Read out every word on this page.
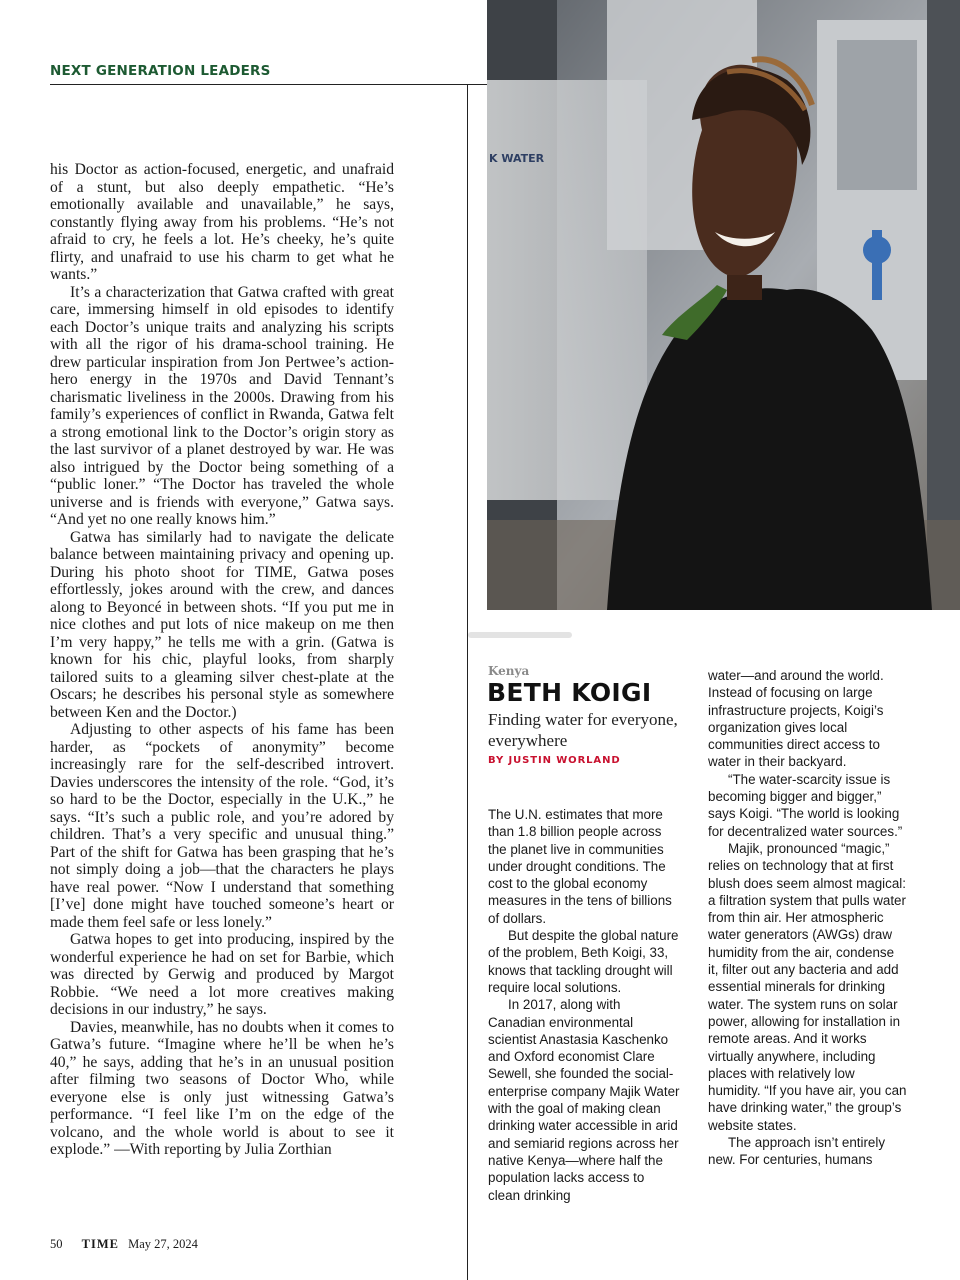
NEXT GENERATION LEADERS

his Doctor as action-focused, energetic, and unafraid of a stunt, but also deeply empathetic. “He’s emotionally available and unavailable,” he says, constantly flying away from his problems. “He’s not afraid to cry, he feels a lot. He’s cheeky, he’s quite flirty, and unafraid to use his charm to get what he wants.”

It’s a characterization that Gatwa crafted with great care, immersing himself in old episodes to identify each Doctor’s unique traits and analyzing his scripts with all the rigor of his drama-school training. He drew particular inspiration from Jon Pertwee’s action-hero energy in the 1970s and David Tennant’s charismatic liveliness in the 2000s. Drawing from his family’s experiences of conflict in Rwanda, Gatwa felt a strong emotional link to the Doctor’s origin story as the last survivor of a planet destroyed by war. He was also intrigued by the Doctor being something of a “public loner.” “The Doctor has traveled the whole universe and is friends with everyone,” Gatwa says. “And yet no one really knows him.”

Gatwa has similarly had to navigate the delicate balance between maintaining privacy and opening up. During his photo shoot for TIME, Gatwa poses effortlessly, jokes around with the crew, and dances along to Beyoncé in between shots. “If you put me in nice clothes and put lots of nice makeup on me then I’m very happy,” he tells me with a grin. (Gatwa is known for his chic, playful looks, from sharply tailored suits to a gleaming silver chest-plate at the Oscars; he describes his personal style as somewhere between Ken and the Doctor.)

Adjusting to other aspects of his fame has been harder, as “pockets of anonymity” become increasingly rare for the self-described introvert. Davies underscores the intensity of the role. “God, it’s so hard to be the Doctor, especially in the U.K.,” he says. “It’s such a public role, and you’re adored by children. That’s a very specific and unusual thing.” Part of the shift for Gatwa has been grasping that he’s not simply doing a job—that the characters he plays have real power. “Now I understand that something [I’ve] done might have touched someone’s heart or made them feel safe or less lonely.”

Gatwa hopes to get into producing, inspired by the wonderful experience he had on set for Barbie, which was directed by Gerwig and produced by Margot Robbie. “We need a lot more creatives making decisions in our industry,” he says.

Davies, meanwhile, has no doubts when it comes to Gatwa’s future. “Imagine where he’ll be when he’s 40,” he says, adding that he’s in an unusual position after filming two seasons of Doctor Who, while everyone else is only just witnessing Gatwa’s performance. “I feel like I’m on the edge of the volcano, and the whole world is about to see it explode.” —With reporting by Julia Zorthian

50 TIME May 27, 2024
K WATER
Kenya
BETH KOIGI
Finding water for everyone, everywhere
BY JUSTIN WORLAND

The U.N. estimates that more than 1.8 billion people across the planet live in communities under drought conditions. The cost to the global economy measures in the tens of billions of dollars.

But despite the global nature of the problem, Beth Koigi, 33, knows that tackling drought will require local solutions.

In 2017, along with Canadian environmental scientist Anastasia Kaschenko and Oxford economist Clare Sewell, she founded the social-enterprise company Majik Water with the goal of making clean drinking water accessible in arid and semiarid regions across her native Kenya—where half the population lacks access to clean drinking

water—and around the world. Instead of focusing on large infrastructure projects, Koigi’s organization gives local communities direct access to water in their backyard.

“The water-scarcity issue is becoming bigger and bigger,” says Koigi. “The world is looking for decentralized water sources.”

Majik, pronounced “magic,” relies on technology that at first blush does seem almost magical: a filtration system that pulls water from thin air. Her atmospheric water generators (AWGs) draw humidity from the air, condense it, filter out any bacteria and add essential minerals for drinking water. The system runs on solar power, allowing for installation in remote areas. And it works virtually anywhere, including places with relatively low humidity. “If you have air, you can have drinking water,” the group’s website states.

The approach isn’t entirely new. For centuries, humans
